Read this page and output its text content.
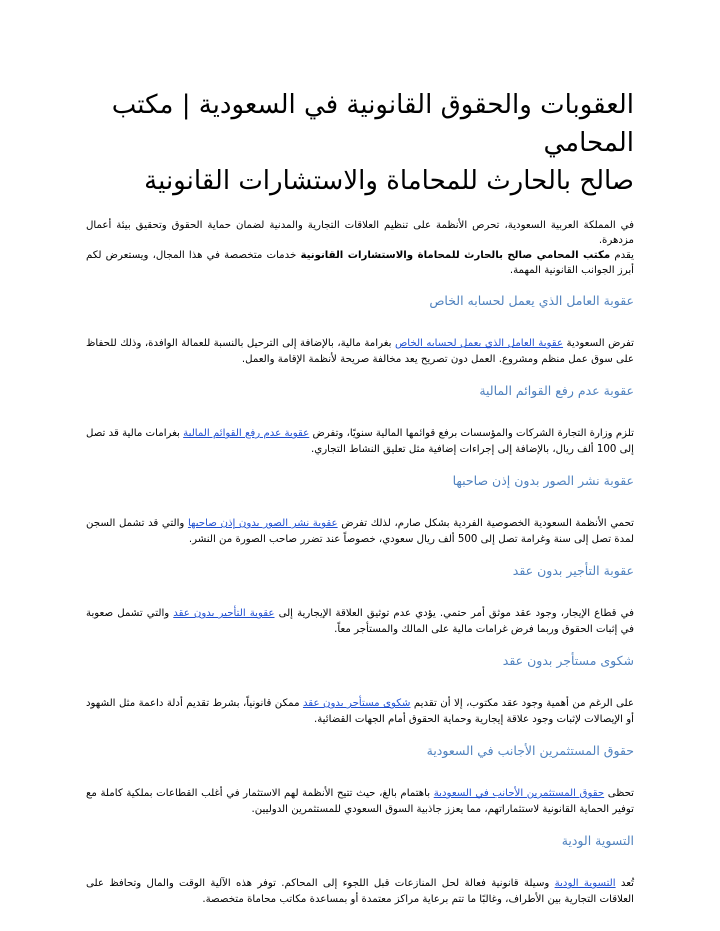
العقوبات والحقوق القانونية في السعودية | مكتب المحامي
صالح بالحارث للمحاماة والاستشارات القانونية

في المملكة العربية السعودية، تحرص الأنظمة على تنظيم العلاقات التجارية والمدنية لضمان حماية الحقوق وتحقيق بيئة أعمال مزدهرة.

يقدم مكتب المحامي صالح بالحارث للمحاماة والاستشارات القانونية خدمات متخصصة في هذا المجال، ويستعرض لكم أبرز الجوانب القانونية المهمة.

عقوبة العامل الذي يعمل لحسابه الخاص

تفرض السعودية عقوبة العامل الذي يعمل لحسابه الخاص بغرامة مالية، بالإضافة إلى الترحيل بالنسبة للعمالة الوافدة، وذلك للحفاظ على سوق عمل منظم ومشروع. العمل دون تصريح يعد مخالفة صريحة لأنظمة الإقامة والعمل.

عقوبة عدم رفع القوائم المالية

تلزم وزارة التجارة الشركات والمؤسسات برفع قوائمها المالية سنويًا، وتفرض عقوبة عدم رفع القوائم المالية بغرامات مالية قد تصل إلى 100 ألف ريال، بالإضافة إلى إجراءات إضافية مثل تعليق النشاط التجاري.

عقوبة نشر الصور بدون إذن صاحبها

تحمي الأنظمة السعودية الخصوصية الفردية بشكل صارم، لذلك تفرض عقوبة نشر الصور بدون إذن صاحبها والتي قد تشمل السجن لمدة تصل إلى سنة وغرامة تصل إلى 500 ألف ريال سعودي، خصوصاً عند تضرر صاحب الصورة من النشر.

عقوبة التأجير بدون عقد

في قطاع الإيجار، وجود عقد موثق أمر حتمي. يؤدي عدم توثيق العلاقة الإيجارية إلى عقوبة التأجير بدون عقد والتي تشمل صعوبة في إثبات الحقوق وربما فرض غرامات مالية على المالك والمستأجر معاً.

شكوى مستأجر بدون عقد

على الرغم من أهمية وجود عقد مكتوب، إلا أن تقديم شكوى مستأجر بدون عقد ممكن قانونياً، بشرط تقديم أدلة داعمة مثل الشهود أو الإيصالات لإثبات وجود علاقة إيجارية وحماية الحقوق أمام الجهات القضائية.

حقوق المستثمرين الأجانب في السعودية

تحظى حقوق المستثمرين الأجانب في السعودية باهتمام بالغ، حيث تتيح الأنظمة لهم الاستثمار في أغلب القطاعات بملكية كاملة مع توفير الحماية القانونية لاستثماراتهم، مما يعزز جاذبية السوق السعودي للمستثمرين الدوليين.

التسوية الودية

تُعد التسوية الودية وسيلة قانونية فعالة لحل المنازعات قبل اللجوء إلى المحاكم. توفر هذه الآلية الوقت والمال وتحافظ على العلاقات التجارية بين الأطراف، وغالبًا ما تتم برعاية مراكز معتمدة أو بمساعدة مكاتب محاماة متخصصة.
